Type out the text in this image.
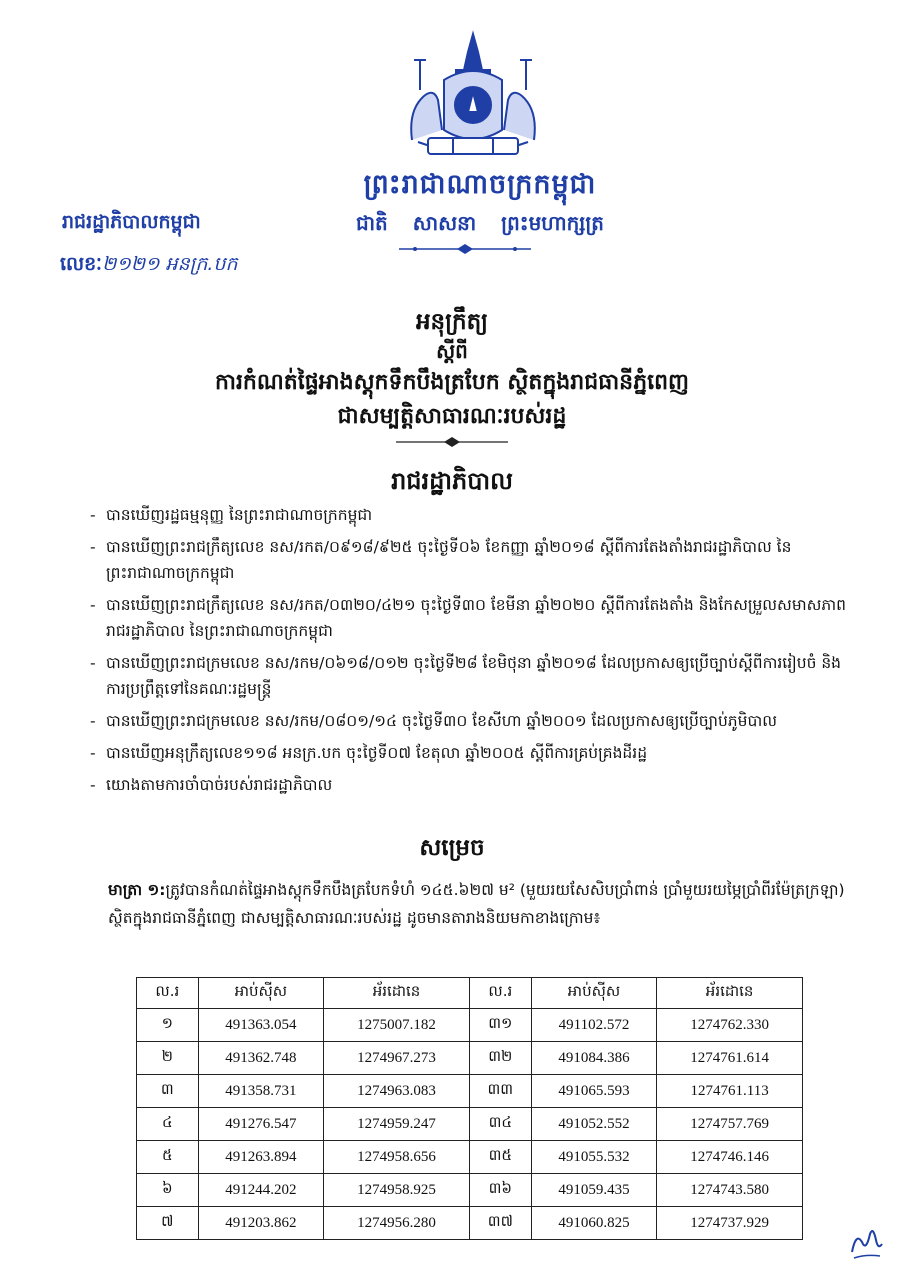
ព្រះរាជាណាចក្រកម្ពុជា
ជាតិ សាសនា ព្រះមហាក្សត្រ
រាជរដ្ឋាភិបាលកម្ពុជា
លេខៈ២១២១ អនក្រ.បក
អនុក្រឹត្យ
ស្តីពី
ការកំណត់ផ្ទៃអាងស្តុកទឹកបឹងត្របែក ស្ថិតក្នុងរាជធានីភ្នំពេញ
ជាសម្បត្តិសាធារណៈរបស់រដ្ឋ
រាជរដ្ឋាភិបាល
- បានឃើញរដ្ឋធម្មនុញ្ញ នៃព្រះរាជាណាចក្រកម្ពុជា
- បានឃើញព្រះរាជក្រឹត្យលេខ នស/រកត/០៩១៨/៩២៥ ចុះថ្ងៃទី០៦ ខែកញ្ញា ឆ្នាំ២០១៨ ស្តីពីការតែងតាំងរាជរដ្ឋាភិបាល នៃព្រះរាជាណាចក្រកម្ពុជា
- បានឃើញព្រះរាជក្រឹត្យលេខ នស/រកត/០៣២០/៤២១ ចុះថ្ងៃទី៣០ ខែមីនា ឆ្នាំ២០២០ ស្តីពីការតែងតាំង និងកែសម្រួលសមាសភាពរាជរដ្ឋាភិបាល នៃព្រះរាជាណាចក្រកម្ពុជា
- បានឃើញព្រះរាជក្រមលេខ នស/រកម/០៦១៨/០១២ ចុះថ្ងៃទី២៨ ខែមិថុនា ឆ្នាំ២០១៨ ដែលប្រកាសឲ្យប្រើច្បាប់ស្តីពីការរៀបចំ និងការប្រព្រឹត្តទៅនៃគណៈរដ្ឋមន្ត្រី
- បានឃើញព្រះរាជក្រមលេខ នស/រកម/០៨០១/១៤ ចុះថ្ងៃទី៣០ ខែសីហា ឆ្នាំ២០០១ ដែលប្រកាសឲ្យប្រើច្បាប់ភូមិបាល
- បានឃើញអនុក្រឹត្យលេខ១១៨ អនក្រ.បក ចុះថ្ងៃទី០៧ ខែតុលា ឆ្នាំ២០០៥ ស្តីពីការគ្រប់គ្រងដីរដ្ឋ
- យោងតាមការចាំបាច់របស់រាជរដ្ឋាភិបាល
សម្រេច
មាត្រា ១:ត្រូវបានកំណត់ផ្ទៃអាងស្តុកទឹកបឹងត្របែកទំហំ ១៤៥.៦២៧ ម² (មួយរយសែសិបប្រាំពាន់ ប្រាំមួយរយម្ភៃប្រាំពីរម៉ែត្រក្រឡា) ស្ថិតក្នុងរាជធានីភ្នំពេញ ជាសម្បត្តិសាធារណៈរបស់រដ្ឋ ដូចមានតារាងនិយមកាខាងក្រោម៖
ល.រ	អាប់ស៊ីស	អ័រដោនេ	ល.រ	អាប់ស៊ីស	អ័រដោនេ
១	491363.054	1275007.182	៣១	491102.572	1274762.330
២	491362.748	1274967.273	៣២	491084.386	1274761.614
៣	491358.731	1274963.083	៣៣	491065.593	1274761.113
៤	491276.547	1274959.247	៣៤	491052.552	1274757.769
៥	491263.894	1274958.656	៣៥	491055.532	1274746.146
៦	491244.202	1274958.925	៣៦	491059.435	1274743.580
៧	491203.862	1274956.280	៣៧	491060.825	1274737.929
